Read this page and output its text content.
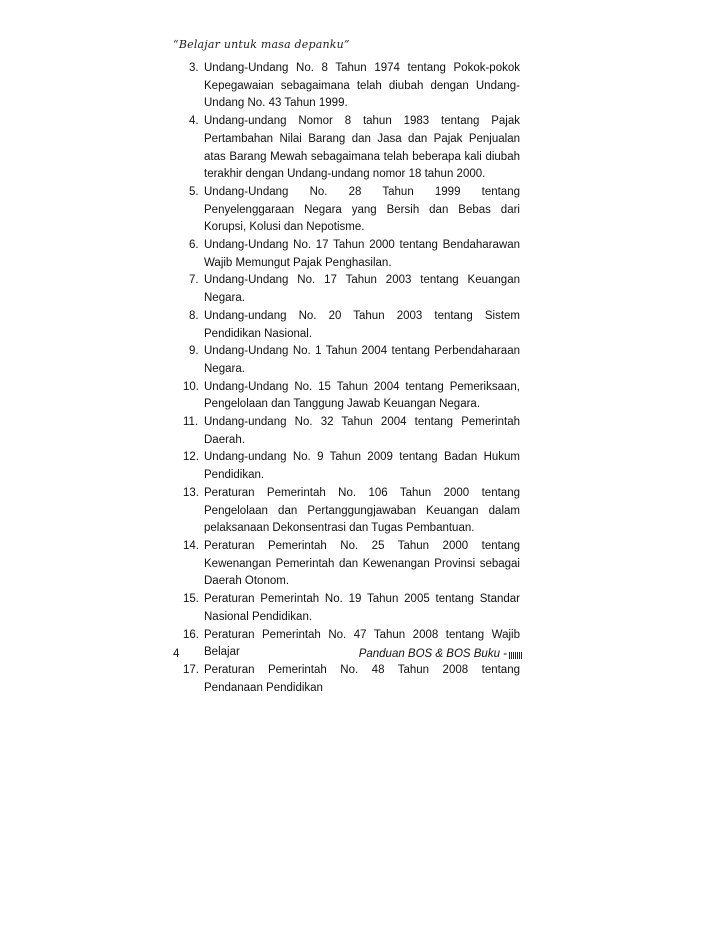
“Belajar untuk masa depanku”
3. Undang-Undang No. 8 Tahun 1974 tentang Pokok-pokok Kepegawaian sebagaimana telah diubah dengan Undang-Undang No. 43 Tahun 1999.
4. Undang-undang Nomor 8 tahun 1983 tentang Pajak Pertambahan Nilai Barang dan Jasa dan Pajak Penjualan atas Barang Mewah sebagaimana telah beberapa kali diubah terakhir dengan Undang-undang nomor 18 tahun 2000.
5. Undang-Undang No. 28 Tahun 1999 tentang Penyelenggaraan Negara yang Bersih dan Bebas dari Korupsi, Kolusi dan Nepotisme.
6. Undang-Undang No. 17 Tahun 2000 tentang Bendaharawan Wajib Memungut Pajak Penghasilan.
7. Undang-Undang No. 17 Tahun 2003 tentang Keuangan Negara.
8. Undang-undang No. 20 Tahun 2003 tentang Sistem Pendidikan Nasional.
9. Undang-Undang No. 1 Tahun 2004 tentang Perbendaharaan Negara.
10. Undang-Undang No. 15 Tahun 2004 tentang Pemeriksaan, Pengelolaan dan Tanggung Jawab Keuangan Negara.
11. Undang-undang No. 32 Tahun 2004 tentang Pemerintah Daerah.
12. Undang-undang No. 9 Tahun 2009 tentang Badan Hukum Pendidikan.
13. Peraturan Pemerintah No. 106 Tahun 2000 tentang Pengelolaan dan Pertanggungjawaban Keuangan dalam pelaksanaan Dekonsentrasi dan Tugas Pembantuan.
14. Peraturan Pemerintah No. 25 Tahun 2000 tentang Kewenangan Pemerintah dan Kewenangan Provinsi sebagai Daerah Otonom.
15. Peraturan Pemerintah No. 19 Tahun 2005 tentang Standar Nasional Pendidikan.
16. Peraturan Pemerintah No. 47 Tahun 2008 tentang Wajib Belajar
17. Peraturan Pemerintah No. 48 Tahun 2008 tentang Pendanaan Pendidikan
4	Panduan BOS & BOS Buku -
